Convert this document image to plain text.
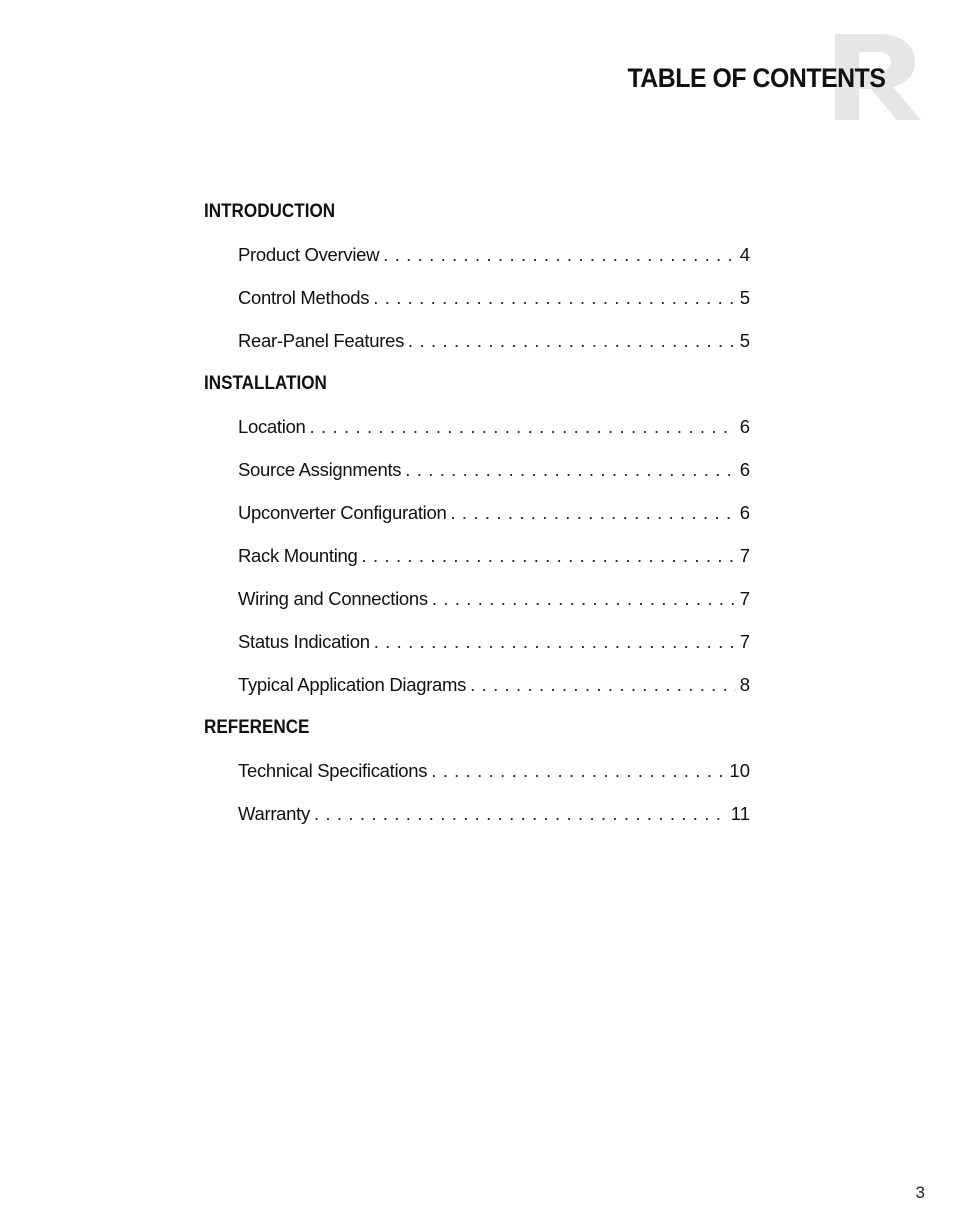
TABLE OF CONTENTS
INTRODUCTION
Product Overview . . .	4
Control Methods . . .	5
Rear-Panel Features . . .	5
INSTALLATION
Location . . .	6
Source Assignments . . .	6
Upconverter Configuration . . .	6
Rack Mounting . . .	7
Wiring and Connections . . .	7
Status Indication . . .	7
Typical Application Diagrams . . .	8
REFERENCE
Technical Specifications . . .	10
Warranty . . .	11

3
